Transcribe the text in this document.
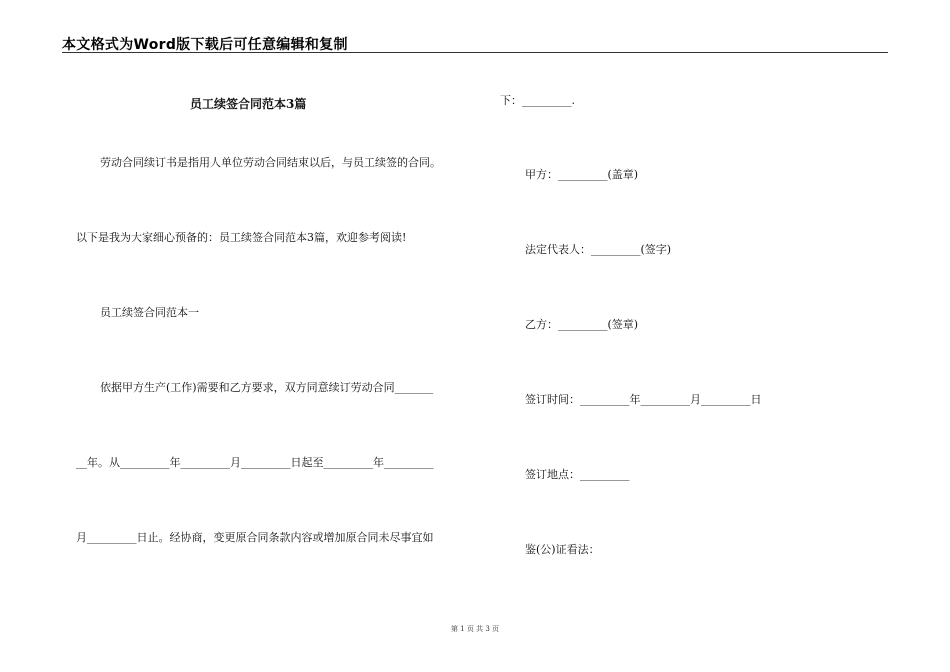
本文格式为Word版下载后可任意编辑和复制
员工续签合同范本3篇
劳动合同续订书是指用人单位劳动合同结束以后，与员工续签的合同。
以下是我为大家细心预备的：员工续签合同范本3篇，欢迎参考阅读!
员工续签合同范本一
依据甲方生产(工作)需要和乙方要求，双方同意续订劳动合同_______
__年。从_________年_________月_________日起至_________年_________
月_________日止。经协商，变更原合同条款内容或增加原合同未尽事宜如
下：_________.
甲方：_________(盖章)
法定代表人：_________(签字)
乙方：_________(签章)
签订时间：_________年_________月_________日
签订地点：_________
鉴(公)证看法：
第 1 页 共 3 页
